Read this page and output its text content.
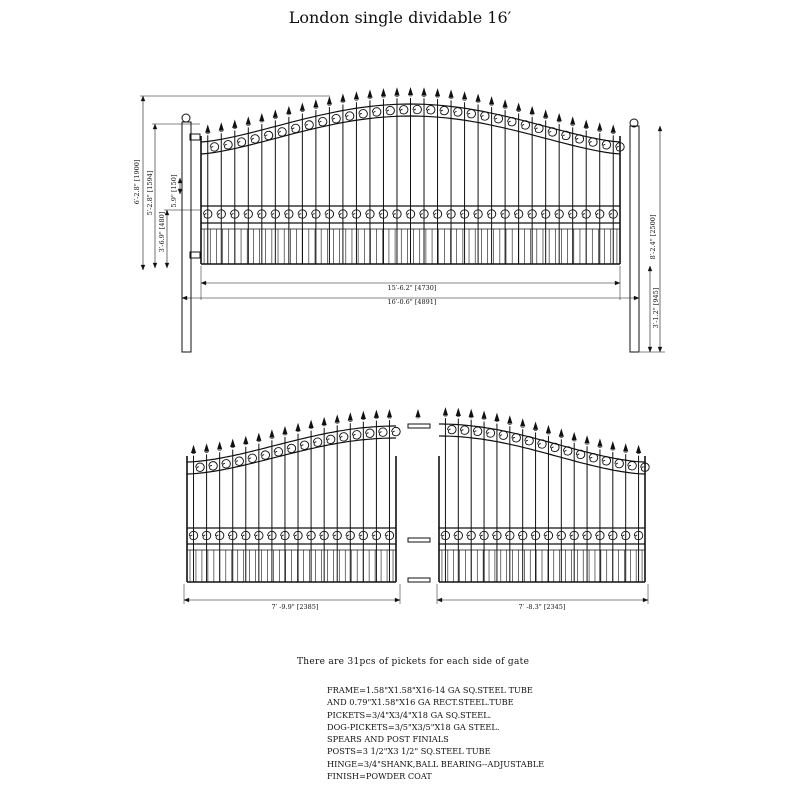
London single dividable 16′
15′-6.2" [4730]
16′-0.6" [4891]
6′-2.8" [1900] 5′-2.8" [1594]
3′-6.9" [480]
5.9" [150]
8′-2.4" [2500]
3′-1.2" [945]
7′ -9.9" [2385]	7′ -8.3" [2345]
There are 31pcs of pickets for each side of gate
FRAME=1.58"X1.58"X16-14 GA SQ.STEEL TUBE
AND 0.79"X1.58"X16 GA RECT.STEEL.TUBE
PICKETS=3/4"X3/4"X18 GA SQ.STEEL.
DOG-PICKETS=3/5"X3/5"X18 GA STEEL.
SPEARS AND POST FINIALS
POSTS=3 1/2"X3 1/2" SQ.STEEL TUBE
HINGE=3/4"SHANK,BALL BEARING--ADJUSTABLE
FINISH=POWDER COAT
